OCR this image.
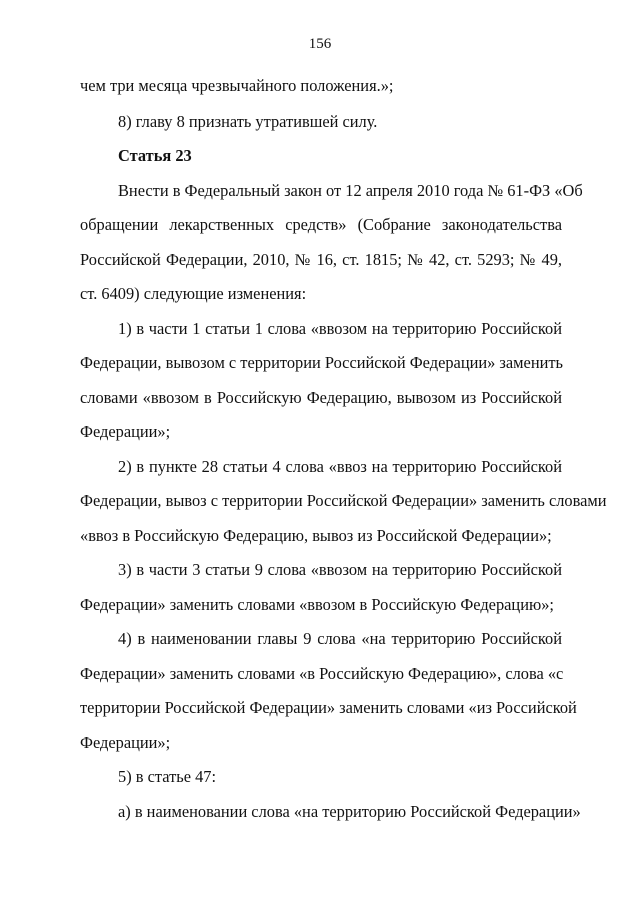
156
чем три месяца чрезвычайного положения.»;
8) главу 8 признать утратившей силу.
Статья 23
Внести в Федеральный закон от 12 апреля 2010 года № 61-ФЗ «Об
обращении лекарственных средств» (Собрание законодательства
Российской Федерации, 2010, № 16, ст. 1815; № 42, ст. 5293; № 49,
ст. 6409) следующие изменения:
1) в части 1 статьи 1 слова «ввозом на территорию Российской
Федерации, вывозом с территории Российской Федерации» заменить
словами «ввозом в Российскую Федерацию, вывозом из Российской
Федерации»;
2) в пункте 28 статьи 4 слова «ввоз на территорию Российской
Федерации, вывоз с территории Российской Федерации» заменить словами
«ввоз в Российскую Федерацию, вывоз из Российской Федерации»;
3) в части 3 статьи 9 слова «ввозом на территорию Российской
Федерации» заменить словами «ввозом в Российскую Федерацию»;
4) в наименовании главы 9 слова «на территорию Российской
Федерации» заменить словами «в Российскую Федерацию», слова «с
территории Российской Федерации» заменить словами «из Российской
Федерации»;
5) в статье 47:
а) в наименовании слова «на территорию Российской Федерации»
